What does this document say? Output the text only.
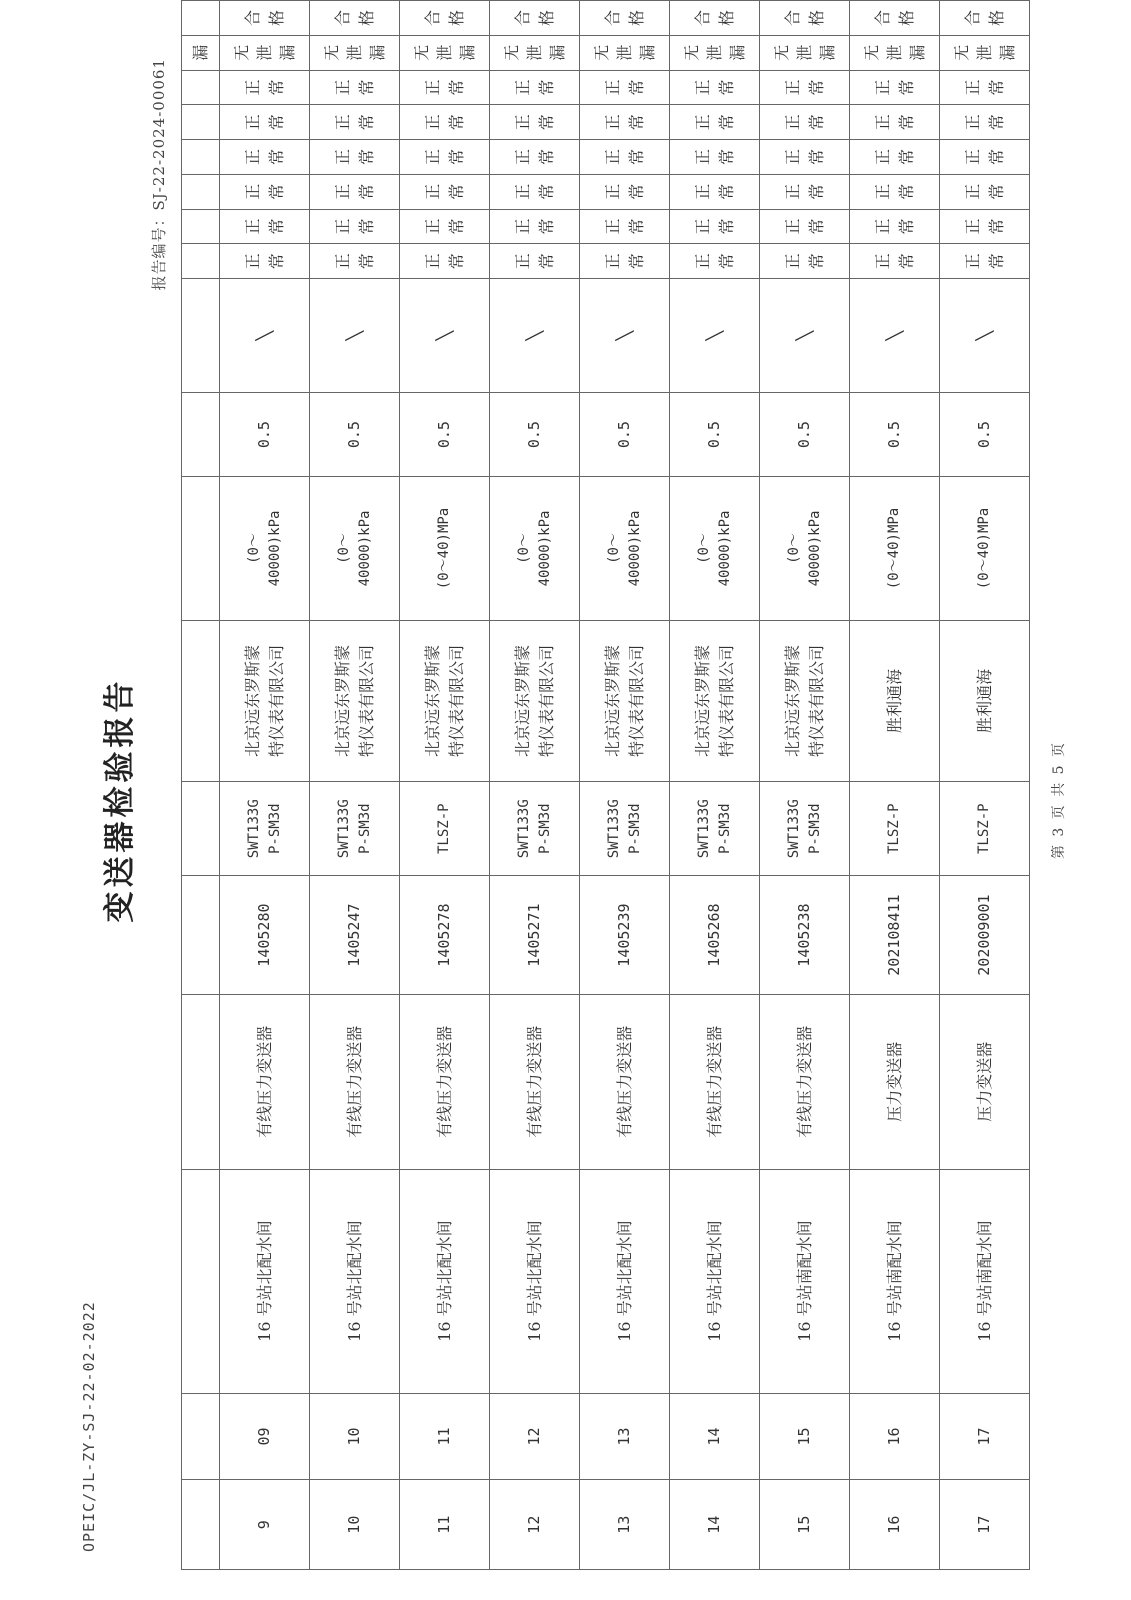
OPEIC/JL-ZY-SJ-22-02-2022
变送器检验报告
报告编号：SJ-22-2024-00061
																漏	
9	09	16 号站北配水间	有线压力变送器	1405280	SWT133G P-SM3d	北京远东罗斯蒙 特仪表有限公司	(0～ 40000)kPa	0.5	╲	正常	正常	正常	正常	正常	正常	无泄漏	合格
10	10	16 号站北配水间	有线压力变送器	1405247	SWT133G P-SM3d	北京远东罗斯蒙 特仪表有限公司	(0～ 40000)kPa	0.5	╲	正常	正常	正常	正常	正常	正常	无泄漏	合格
11	11	16 号站北配水间	有线压力变送器	1405278	TLSZ-P	北京远东罗斯蒙 特仪表有限公司	(0～40)MPa	0.5	╲	正常	正常	正常	正常	正常	正常	无泄漏	合格
12	12	16 号站北配水间	有线压力变送器	1405271	SWT133G P-SM3d	北京远东罗斯蒙 特仪表有限公司	(0～ 40000)kPa	0.5	╲	正常	正常	正常	正常	正常	正常	无泄漏	合格
13	13	16 号站北配水间	有线压力变送器	1405239	SWT133G P-SM3d	北京远东罗斯蒙 特仪表有限公司	(0～ 40000)kPa	0.5	╲	正常	正常	正常	正常	正常	正常	无泄漏	合格
14	14	16 号站北配水间	有线压力变送器	1405268	SWT133G P-SM3d	北京远东罗斯蒙 特仪表有限公司	(0～ 40000)kPa	0.5	╲	正常	正常	正常	正常	正常	正常	无泄漏	合格
15	15	16 号站南配水间	有线压力变送器	1405238	SWT133G P-SM3d	北京远东罗斯蒙 特仪表有限公司	(0～ 40000)kPa	0.5	╲	正常	正常	正常	正常	正常	正常	无泄漏	合格
16	16	16 号站南配水间	压力变送器	202108411	TLSZ-P	胜利通海	(0～40)MPa	0.5	╲	正常	正常	正常	正常	正常	正常	无泄漏	合格
17	17	16 号站南配水间	压力变送器	202009001	TLSZ-P	胜利通海	(0～40)MPa	0.5	╲	正常	正常	正常	正常	正常	正常	无泄漏	合格
第 3 页 共 5 页
